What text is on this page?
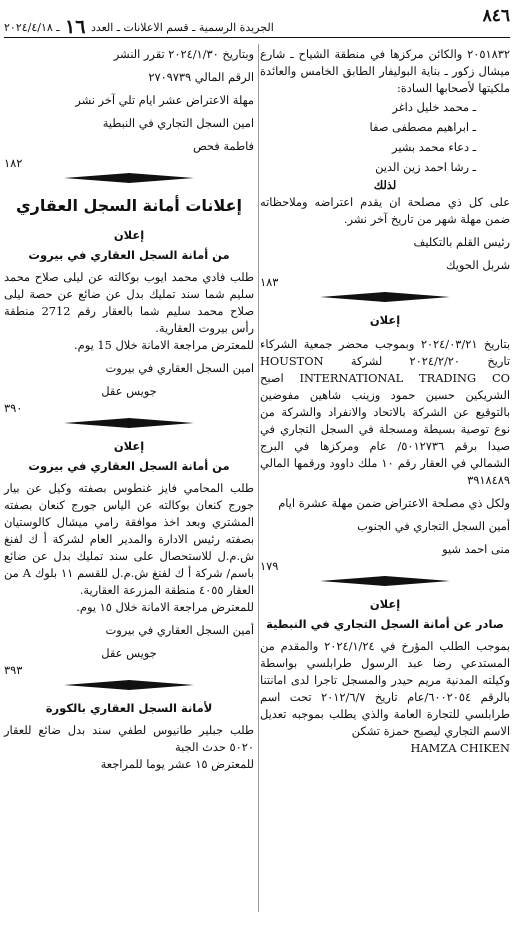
٨٤٦
الجريدة الرسمية ـ قسم الاعلانات ـ العدد ١٦ ـ ٢٠٢٤/٤/١٨

٢٠٥١٨٣٢ والكائن مركزها في منطقة الشياح ـ شارع ميشال زكور ـ بناية البوليفار الطابق الخامس والعائدة ملكيتها لأصحابها السادة:

ـ محمد خليل داغر
ـ ابراهيم مصطفى صفا
ـ دعاء محمد بشير
ـ رشا احمد زين الدين

لذلك

على كل ذي مصلحة ان يقدم اعتراضه وملاحظاته ضمن مهلة شهر من تاريخ آخر نشر.

رئيس القلم بالتكليف

شربل الحويك

١٨٣

إعلان

بتاريخ ٢٠٢٤/٠٣/٢١ وبموجب محضر جمعية الشركاء تاريخ ٢٠٢٤/٢/٢٠ لشركة HOUSTON INTERNATIONAL TRADING CO اصبح الشريكين حسين حمود وزينب شاهين مفوضين بالتوقيع عن الشركة بالاتحاد والانفراد والشركة من نوع توصية بسيطة ومسجلة في السجل التجاري في صيدا برقم ٥٠١٢٧٣٦/ عام ومركزها في البرج الشمالي في العقار رقم ١٠ ملك داوود ورقمها المالي ٣٩١٨٤٨٩

ولكل ذي مصلحة الاعتراض ضمن مهلة عشرة ايام

أمين السجل التجاري في الجنوب

منى احمد شيو

١٧٩

إعلان

صادر عن أمانة السجل التجاري في النبطية

بموجب الطلب المؤرخ في ٢٠٢٤/١/٢٤ والمقدم من المستدعي رضا عبد الرسول طرابلسي بواسطة وكيلته المدنية مريم حيدر والمسجل تاجرا لدى امانتنا بالرقم ٦٠٠٢٠٥٤/عام تاريخ ٢٠١٢/٦/٧ تحت اسم طرابلسي للتجارة العامة والذي يطلب بموجبه تعديل الاسم التجاري ليصبح حمزة تشكن

HAMZA CHIKEN

وبتاريخ ٢٠٢٤/١/٣٠ تقرر النشر

الرقم المالي ٢٧٠٩٧٣٩

مهلة الاعتراض عشر ايام تلي آخر نشر

امين السجل التجاري في النبطية

فاطمة فحص

١٨٢

إعلانات أمانة السجل العقاري

إعلان

من أمانة السجل العقاري في بيروت

طلب فادي محمد ايوب بوكالته عن ليلى صلاح محمد سليم شما سند تمليك بدل عن ضائع عن حصة ليلى صلاح محمد سليم شما بالعقار رقم 2712 منطقة رأس بيروت العقارية.

للمعترض مراجعة الامانة خلال 15 يوم.

امين السجل العقاري في بيروت

جويس عقل

٣٩٠

إعلان

من أمانة السجل العقاري في بيروت

طلب المحامي فايز غنطوس بصفته وكيل عن بيار جورج كنعان بوكالته عن الياس جورج كنعان بصفته المشتري وبعد اخذ موافقة رامي ميشال كالوستيان بصفته رئيس الادارة والمدير العام لشركة أ ك لفنغ ش.م.ل للاستحصال على سند تمليك بدل عن ضائع باسم/ شركة أ ك لفنغ ش.م.ل للقسم ١١ بلوك A من العقار ٤٠٥٥ منطقة المزرعة العقارية.

للمعترض مراجعة الامانة خلال ١٥ يوم.

أمين السجل العقاري في بيروت

جويس عقل

٣٩٣

لأمانة السجل العقاري بالكورة

طلب جبلير طانيوس لطفي سند بدل ضائع للعقار ٥٠٢٠ حدث الجبة

للمعترض ١٥ عشر يوما للمراجعة
